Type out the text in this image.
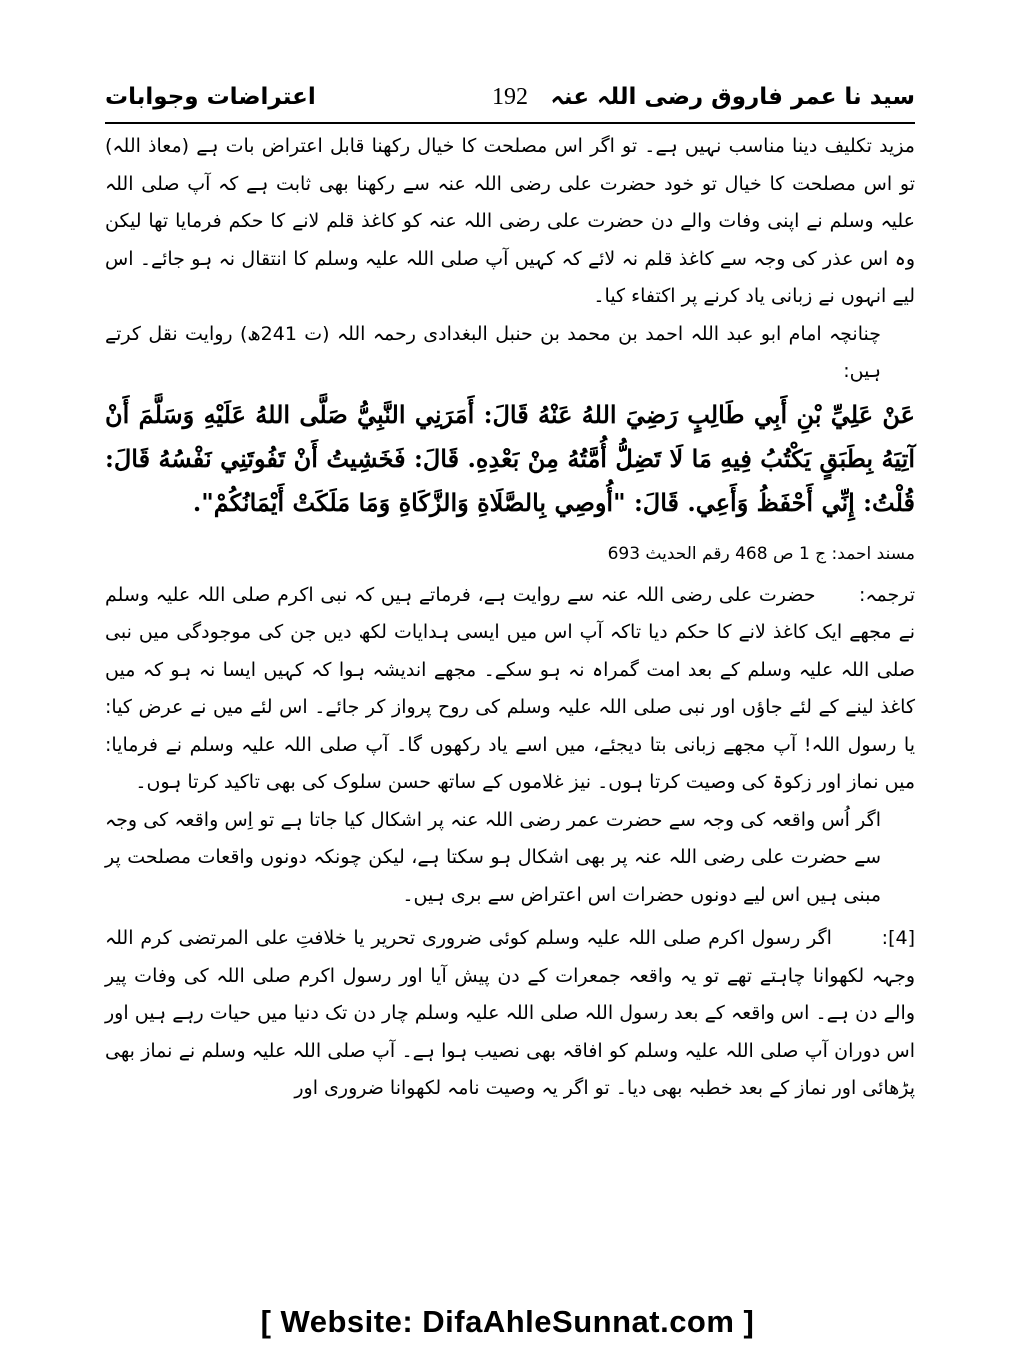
سید نا عمر فاروق رضی اللہ عنہ
192
اعتراضات وجوابات

مزید تکلیف دینا مناسب نہیں ہے۔ تو اگر اس مصلحت کا خیال رکھنا قابل اعتراض بات ہے (معاذ اللہ) تو اس مصلحت کا خیال تو خود حضرت علی رضی اللہ عنہ سے رکھنا بھی ثابت ہے کہ آپ صلی اللہ علیہ وسلم نے اپنی وفات والے دن حضرت علی رضی اللہ عنہ کو کاغذ قلم لانے کا حکم فرمایا تھا لیکن وہ اس عذر کی وجہ سے کاغذ قلم نہ لائے کہ کہیں آپ صلی اللہ علیہ وسلم کا انتقال نہ ہو جائے۔ اس لیے انہوں نے زبانی یاد کرنے پر اکتفاء کیا۔

چنانچہ امام ابو عبد اللہ احمد بن محمد بن حنبل البغدادی رحمہ اللہ (ت 241ھ) روایت نقل کرتے ہیں:

عَنْ عَلِيِّ بْنِ أَبِي طَالِبٍ رَضِيَ اللهُ عَنْهُ قَالَ: أَمَرَنِي النَّبِيُّ صَلَّى اللهُ عَلَيْهِ وَسَلَّمَ أَنْ آتِيَهُ بِطَبَقٍ يَكْتُبُ فِيهِ مَا لَا تَضِلُّ أُمَّتُهُ مِنْ بَعْدِهِ. قَالَ: فَخَشِيتُ أَنْ تَفُوتَنِي نَفْسُهُ قَالَ: قُلْتُ: إِنِّي أَحْفَظُ وَأَعِي. قَالَ: "أُوصِي بِالصَّلَاةِ وَالزَّكَاةِ وَمَا مَلَكَتْ أَيْمَانُكُمْ".

مسند احمد: ج 1 ص 468 رقم الحدیث 693

ترجمہ:  حضرت علی رضی اللہ عنہ سے روایت ہے، فرماتے ہیں کہ نبی اکرم صلی اللہ علیہ وسلم نے مجھے ایک کاغذ لانے کا حکم دیا تاکہ آپ اس میں ایسی ہدایات لکھ دیں جن کی موجودگی میں نبی صلی اللہ علیہ وسلم کے بعد امت گمراہ نہ ہو سکے۔ مجھے اندیشہ ہوا کہ کہیں ایسا نہ ہو کہ میں کاغذ لینے کے لئے جاؤں اور نبی صلی اللہ علیہ وسلم کی روح پرواز کر جائے۔ اس لئے میں نے عرض کیا: یا رسول اللہ! آپ مجھے زبانی بتا دیجئے، میں اسے یاد رکھوں گا۔ آپ صلی اللہ علیہ وسلم نے فرمایا: میں نماز اور زکوۃ کی وصیت کرتا ہوں۔ نیز غلاموں کے ساتھ حسن سلوک کی بھی تاکید کرتا ہوں۔

اگر اُس واقعہ کی وجہ سے حضرت عمر رضی اللہ عنہ پر اشکال کیا جاتا ہے تو اِس واقعہ کی وجہ سے حضرت علی رضی اللہ عنہ پر بھی اشکال ہو سکتا ہے، لیکن چونکہ دونوں واقعات مصلحت پر مبنی ہیں اس لیے دونوں حضرات اس اعتراض سے بری ہیں۔

[4]:  اگر رسول اکرم صلی اللہ علیہ وسلم کوئی ضروری تحریر یا خلافتِ علی المرتضی کرم اللہ وجہہ لکھوانا چاہتے تھے تو یہ واقعہ جمعرات کے دن پیش آیا اور رسول اکرم صلی اللہ کی وفات پیر والے دن ہے۔ اس واقعہ کے بعد رسول اللہ صلی اللہ علیہ وسلم چار دن تک دنیا میں حیات رہے ہیں اور اس دوران آپ صلی اللہ علیہ وسلم کو افاقہ بھی نصیب ہوا ہے۔ آپ صلی اللہ علیہ وسلم نے نماز بھی پڑھائی اور نماز کے بعد خطبہ بھی دیا۔ تو اگر یہ وصیت نامہ لکھوانا ضروری اور

[ Website: DifaAhleSunnat.com ]
